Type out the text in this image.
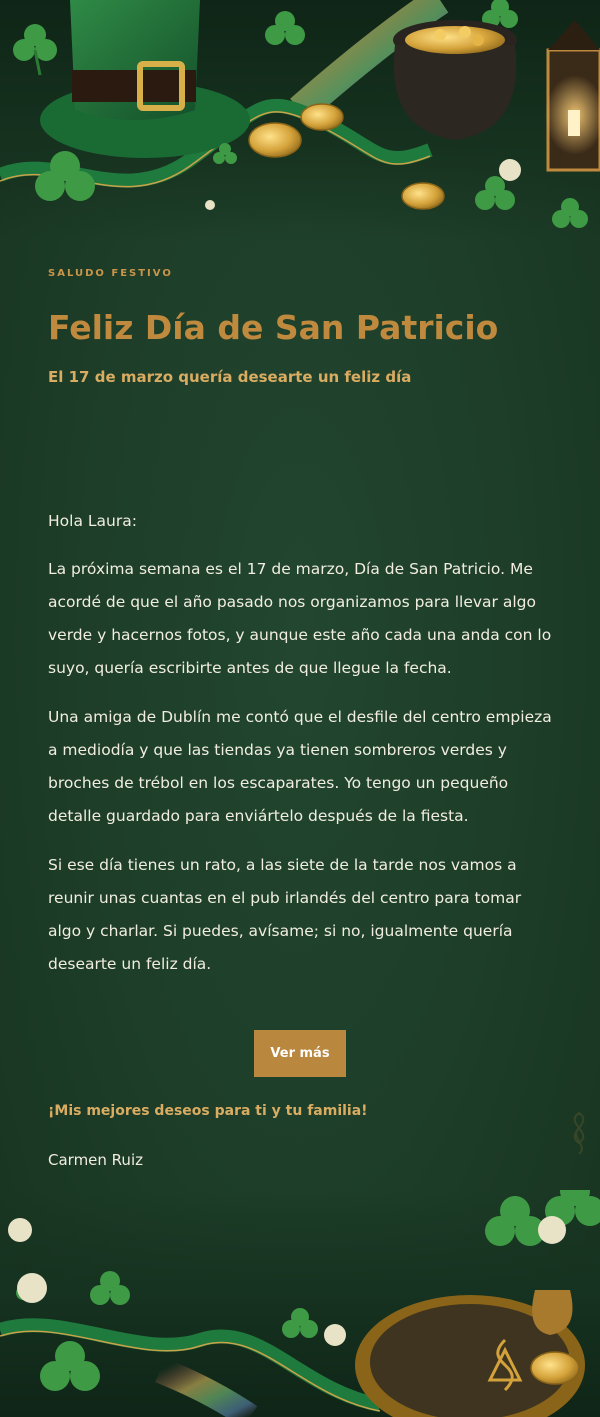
SALUDO FESTIVO
Feliz Día de San Patricio
El 17 de marzo quería desearte un feliz día

Hola Laura:

La próxima semana es el 17 de marzo, Día de San Patricio. Me acordé de que el año pasado nos organizamos para llevar algo verde y hacernos fotos, y aunque este año cada una anda con lo suyo, quería escribirte antes de que llegue la fecha.

Una amiga de Dublín me contó que el desfile del centro empieza a mediodía y que las tiendas ya tienen sombreros verdes y broches de trébol en los escaparates. Yo tengo un pequeño detalle guardado para enviártelo después de la fiesta.

Si ese día tienes un rato, a las siete de la tarde nos vamos a reunir unas cuantas en el pub irlandés del centro para tomar algo y charlar. Si puedes, avísame; si no, igualmente quería desearte un feliz día.

Ver más
¡Mis mejores deseos para ti y tu familia!
Carmen Ruiz
